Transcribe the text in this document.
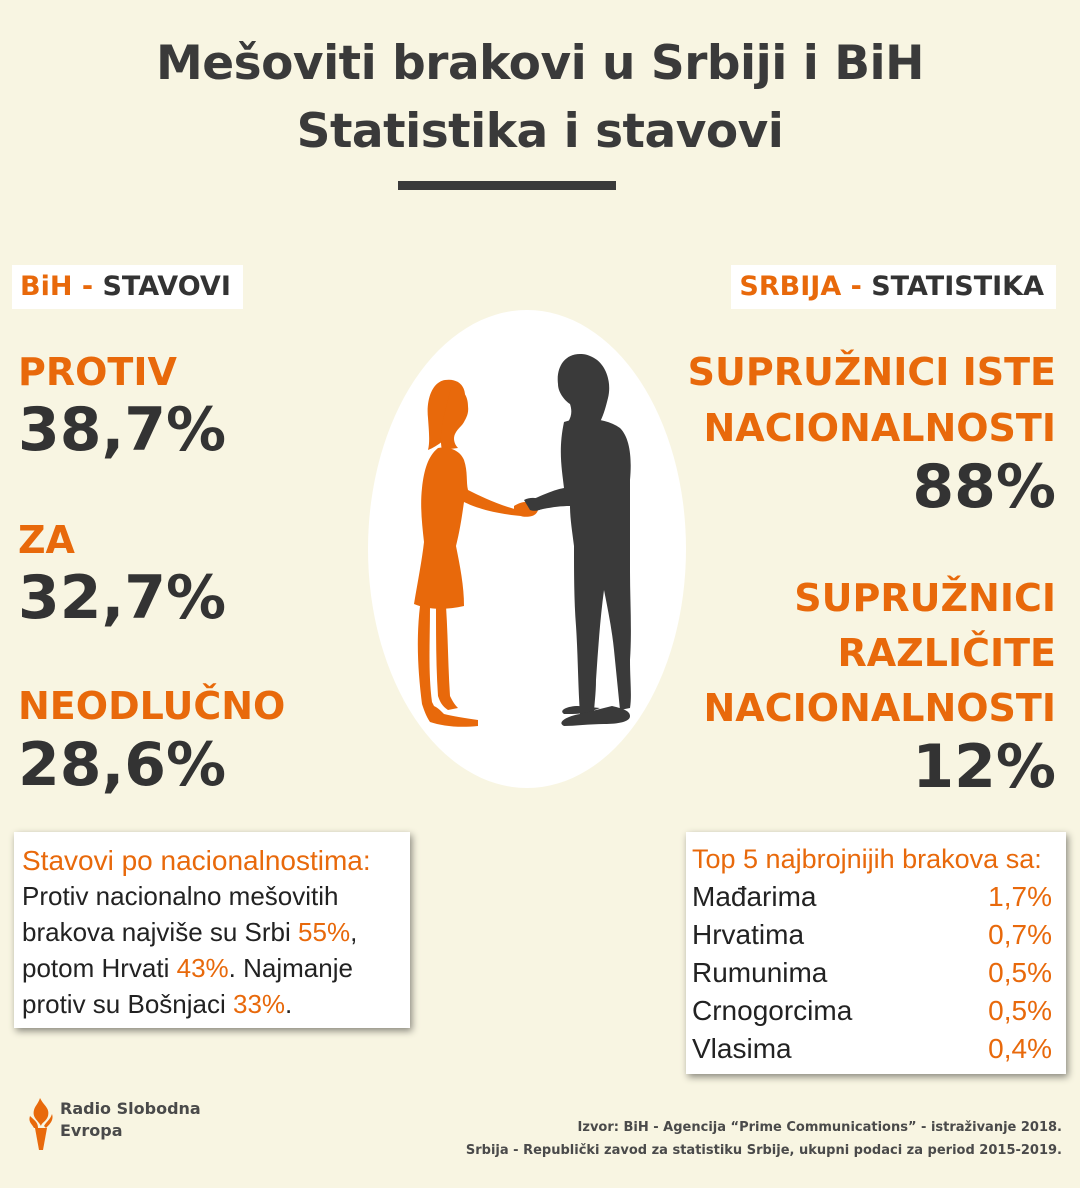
Mešoviti brakovi u Srbiji i BiH
Statistika i stavovi
BiH - STAVOVI	SRBIJA - STATISTIKA
PROTIV
38,7%
ZA
32,7%
NEODLUČNO
28,6%
SUPRUŽNICI ISTE
NACIONALNOSTI
88%
SUPRUŽNICI
RAZLIČITE
NACIONALNOSTI
12%
Stavovi po nacionalnostima:
Protiv nacionalno mešovitih brakova najviše su Srbi 55%, potom Hrvati 43%. Najmanje protiv su Bošnjaci 33%.
Top 5 najbrojnijih brakova sa:
Mađarima	1,7%
Hrvatima	0,7%
Rumunima	0,5%
Crnogorcima	0,5%
Vlasima	0,4%
Radio Slobodna
Evropa	Izvor: BiH - Agencija “Prime Communications” - istraživanje 2018.
Srbija - Republički zavod za statistiku Srbije, ukupni podaci za period 2015-2019.
